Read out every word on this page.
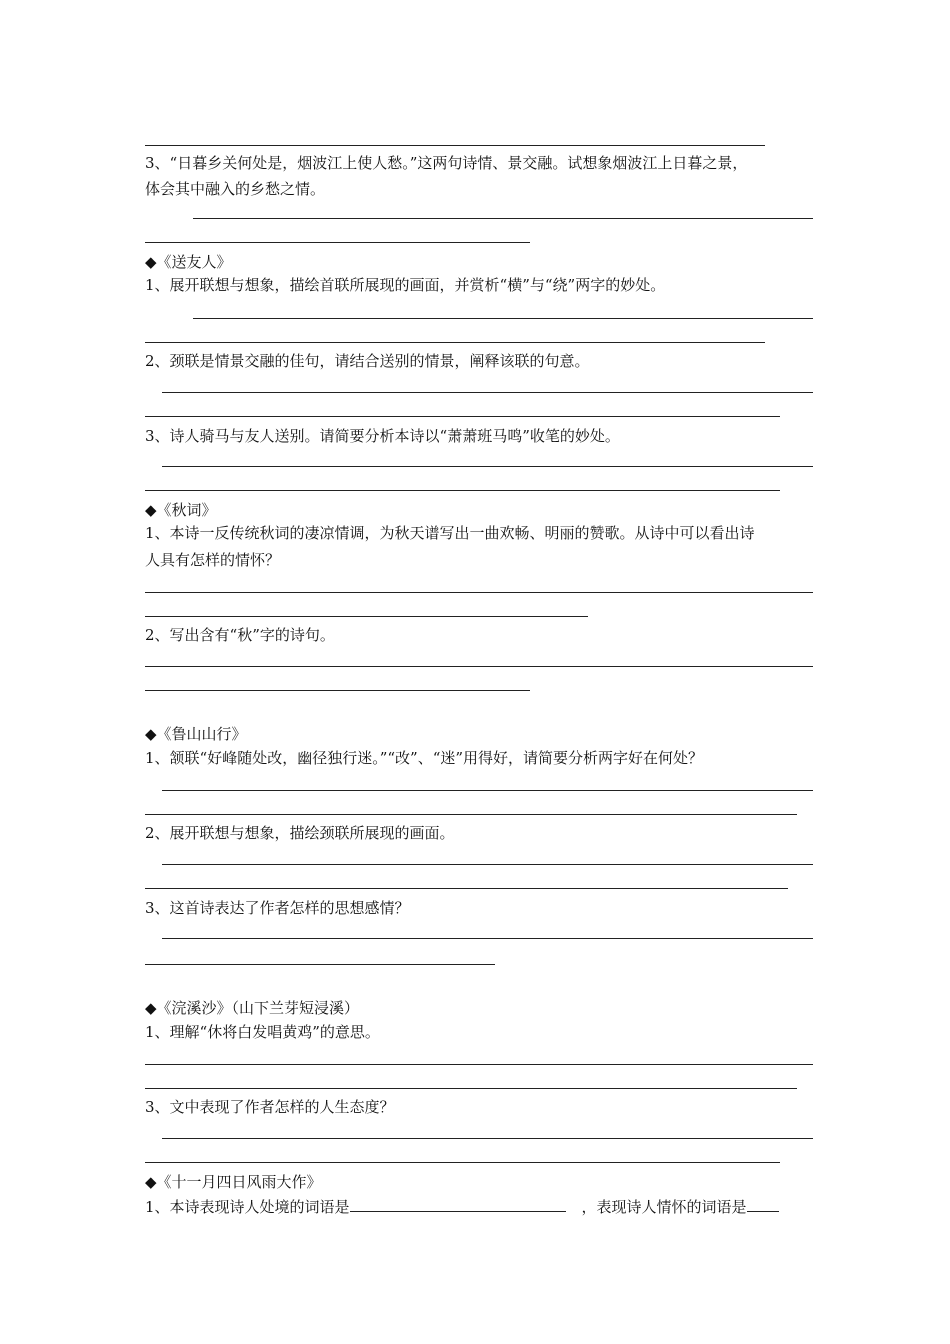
3、“日暮乡关何处是，烟波江上使人愁。”这两句诗情、景交融。试想象烟波江上日暮之景，
体会其中融入的乡愁之情。
◆《送友人》
1、展开联想与想象，描绘首联所展现的画面，并赏析“横”与“绕”两字的妙处。
2、颈联是情景交融的佳句，请结合送别的情景，阐释该联的句意。
3、诗人骑马与友人送别。请简要分析本诗以“萧萧班马鸣”收笔的妙处。
◆《秋词》
1、本诗一反传统秋词的凄凉情调，为秋天谱写出一曲欢畅、明丽的赞歌。从诗中可以看出诗
人具有怎样的情怀？
2、写出含有“秋”字的诗句。
◆《鲁山山行》
1、颔联“好峰随处改，幽径独行迷。”“改”、“迷”用得好，请简要分析两字好在何处？
2、展开联想与想象，描绘颈联所展现的画面。
3、这首诗表达了作者怎样的思想感情？
◆《浣溪沙》（山下兰芽短浸溪）
1、理解“休将白发唱黄鸡”的意思。
3、文中表现了作者怎样的人生态度？
◆《十一月四日风雨大作》
1、本诗表现诗人处境的词语是	，表现诗人情怀的词语是
